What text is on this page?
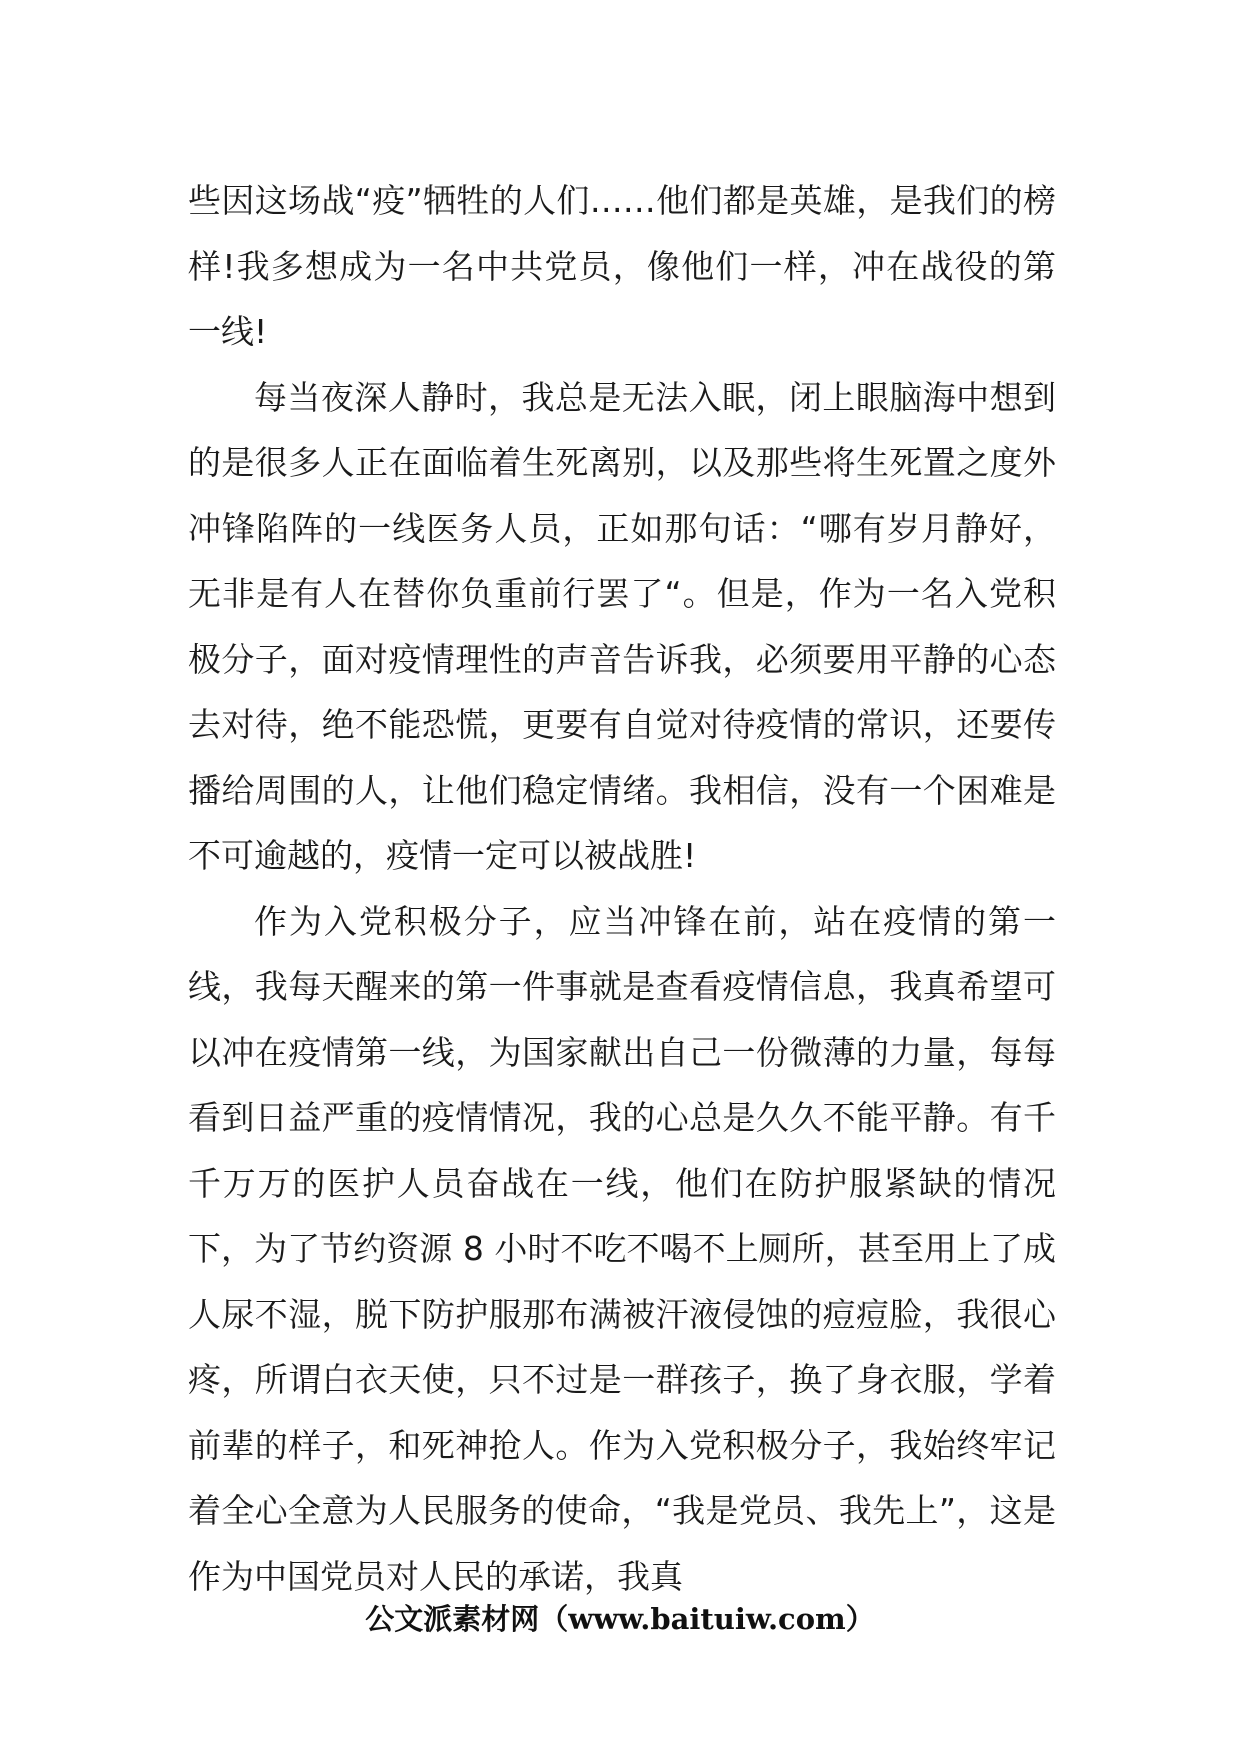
些因这场战“疫”牺牲的人们……他们都是英雄，是我们的榜样!我多想成为一名中共党员，像他们一样，冲在战役的第一线!

每当夜深人静时，我总是无法入眠，闭上眼脑海中想到的是很多人正在面临着生死离别，以及那些将生死置之度外冲锋陷阵的一线医务人员，正如那句话：“哪有岁月静好，无非是有人在替你负重前行罢了“。但是，作为一名入党积极分子，面对疫情理性的声音告诉我，必须要用平静的心态去对待，绝不能恐慌，更要有自觉对待疫情的常识，还要传播给周围的人，让他们稳定情绪。我相信，没有一个困难是不可逾越的，疫情一定可以被战胜!

作为入党积极分子，应当冲锋在前，站在疫情的第一线，我每天醒来的第一件事就是查看疫情信息，我真希望可以冲在疫情第一线，为国家献出自己一份微薄的力量，每每看到日益严重的疫情情况，我的心总是久久不能平静。有千千万万的医护人员奋战在一线，他们在防护服紧缺的情况下，为了节约资源 8 小时不吃不喝不上厕所，甚至用上了成人尿不湿，脱下防护服那布满被汗液侵蚀的痘痘脸，我很心疼，所谓白衣天使，只不过是一群孩子，换了身衣服，学着前辈的样子，和死神抢人。作为入党积极分子，我始终牢记着全心全意为人民服务的使命，“我是党员、我先上”，这是作为中国党员对人民的承诺，我真

公文派素材网（www.baituiw.com）
